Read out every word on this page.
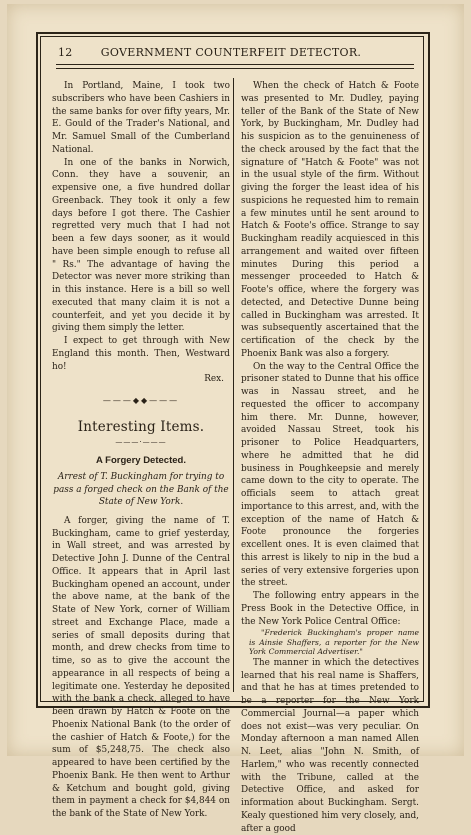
12	GOVERNMENT COUNTERFEIT DETECTOR.

In Portland, Maine, I took two subscribers who have been Cashiers in the same banks for over fifty years, Mr. E. Gould of the Trader's National, and Mr. Samuel Small of the Cumberland National.

In one of the banks in Norwich, Conn. they have a souvenir, an expensive one, a five hundred dollar Greenback. They took it only a few days before I got there. The Cashier regretted very much that I had not been a few days sooner, as it would have been simple enough to refuse all " Rs." The advantage of having the Detector was never more striking than in this instance. Here is a bill so well executed that many claim it is not a counterfeit, and yet you decide it by giving them simply the letter.

I expect to get through with New England this month. Then, Westward ho!

Rex.

———◆◆———
Interesting Items.
———·———
A Forgery Detected.
Arrest of T. Buckingham for trying to pass a forged check on the Bank of the State of New York.

A forger, giving the name of T. Buckingham, came to grief yesterday, in Wall street, and was arrested by Detective John J. Dunne of the Central Office. It appears that in April last Buckingham opened an account, under the above name, at the bank of the State of New York, corner of William street and Exchange Place, made a series of small deposits during that month, and drew checks from time to time, so as to give the account the appearance in all respects of being a legitimate one. Yesterday he deposited with the bank a check, alleged to have been drawn by Hatch & Foote on the Phoenix National Bank (to the order of the cashier of Hatch & Foote,) for the sum of $5,248,75. The check also appeared to have been certified by the Phoenix Bank. He then went to Arthur & Ketchum and bought gold, giving them in payment a check for $4,844 on the bank of the State of New York.

When the check of Hatch & Foote was presented to Mr. Dudley, paying teller of the Bank of the State of New York, by Buckingham, Mr. Dudley had his suspicion as to the genuineness of the check aroused by the fact that the signature of "Hatch & Foote" was not in the usual style of the firm. Without giving the forger the least idea of his suspicions he requested him to remain a few minutes until he sent around to Hatch & Foote's office. Strange to say Buckingham readily acquiesced in this arrangement and waited over fifteen minutes During this period a messenger proceeded to Hatch & Foote's office, where the forgery was detected, and Detective Dunne being called in Buckingham was arrested. It was subsequently ascertained that the certification of the check by the Phoenix Bank was also a forgery.

On the way to the Central Office the prisoner stated to Dunne that his office was in Nassau street, and he requested the officer to accompany him there. Mr. Dunne, however, avoided Nassau Street, took his prisoner to Police Headquarters, where he admitted that he did business in Poughkeepsie and merely came down to the city to operate. The officials seem to attach great importance to this arrest, and, with the exception of the name of Hatch & Foote pronounce the forgeries excellent ones. It is even claimed that this arrest is likely to nip in the bud a series of very extensive forgeries upon the street.

The following entry appears in the Press Book in the Detective Office, in the New York Police Central Office:

"Frederick Buckingham's proper name is Ainsie Shaffers, a reporter for the New York Commercial Advertiser."

The manner in which the detectives learned that his real name is Shaffers, and that he has at times pretended to be a reporter for the New York Commercial Journal—a paper which does not exist—was very peculiar. On Monday afternoon a man named Allen N. Leet, alias "John N. Smith, of Harlem," who was recently connected with the Tribune, called at the Detective Office, and asked for information about Buckingham. Sergt. Kealy questioned him very closely, and, after a good
